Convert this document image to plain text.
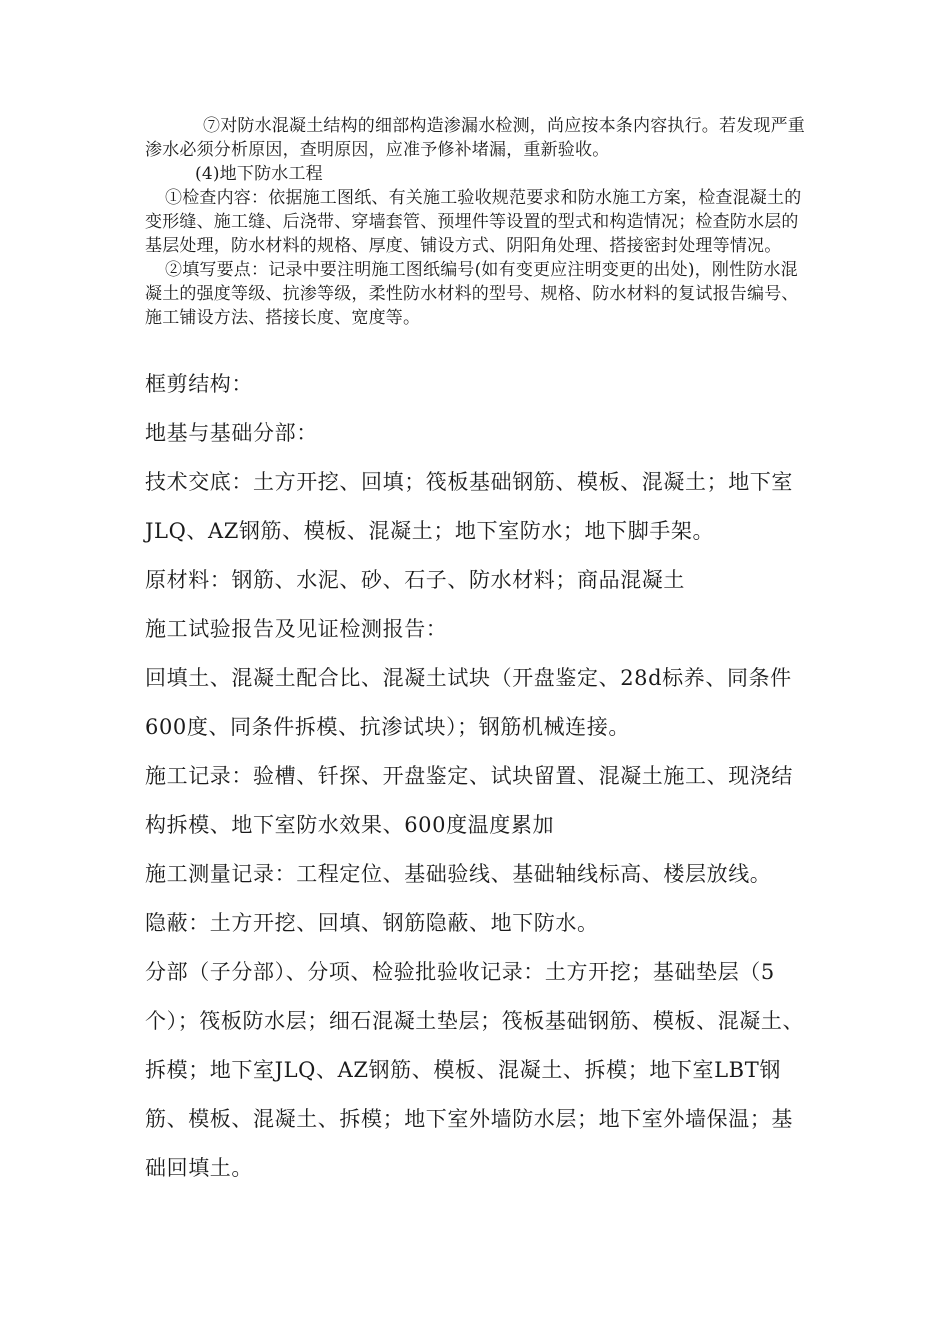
⑦对防水混凝土结构的细部构造渗漏水检测，尚应按本条内容执行。若发现严重渗水必须分析原因，查明原因，应准予修补堵漏，重新验收。

(4)地下防水工程

①检查内容：依据施工图纸、有关施工验收规范要求和防水施工方案，检查混凝土的变形缝、施工缝、后浇带、穿墙套管、预埋件等设置的型式和构造情况；检查防水层的基层处理，防水材料的规格、厚度、铺设方式、阴阳角处理、搭接密封处理等情况。

②填写要点：记录中要注明施工图纸编号(如有变更应注明变更的出处)，刚性防水混凝土的强度等级、抗渗等级，柔性防水材料的型号、规格、防水材料的复试报告编号、施工铺设方法、搭接长度、宽度等。

框剪结构：

地基与基础分部：

技术交底：土方开挖、回填；筏板基础钢筋、模板、混凝土；地下室JLQ、AZ钢筋、模板、混凝土；地下室防水；地下脚手架。

原材料：钢筋、水泥、砂、石子、防水材料；商品混凝土

施工试验报告及见证检测报告：

回填土、混凝土配合比、混凝土试块（开盘鉴定、28d标养、同条件600度、同条件拆模、抗渗试块）；钢筋机械连接。

施工记录：验槽、钎探、开盘鉴定、试块留置、混凝土施工、现浇结构拆模、地下室防水效果、600度温度累加

施工测量记录：工程定位、基础验线、基础轴线标高、楼层放线。

隐蔽：土方开挖、回填、钢筋隐蔽、地下防水。

分部（子分部）、分项、检验批验收记录：土方开挖；基础垫层（5个）；筏板防水层；细石混凝土垫层；筏板基础钢筋、模板、混凝土、拆模；地下室JLQ、AZ钢筋、模板、混凝土、拆模；地下室LBT钢筋、模板、混凝土、拆模；地下室外墙防水层；地下室外墙保温；基础回填土。
